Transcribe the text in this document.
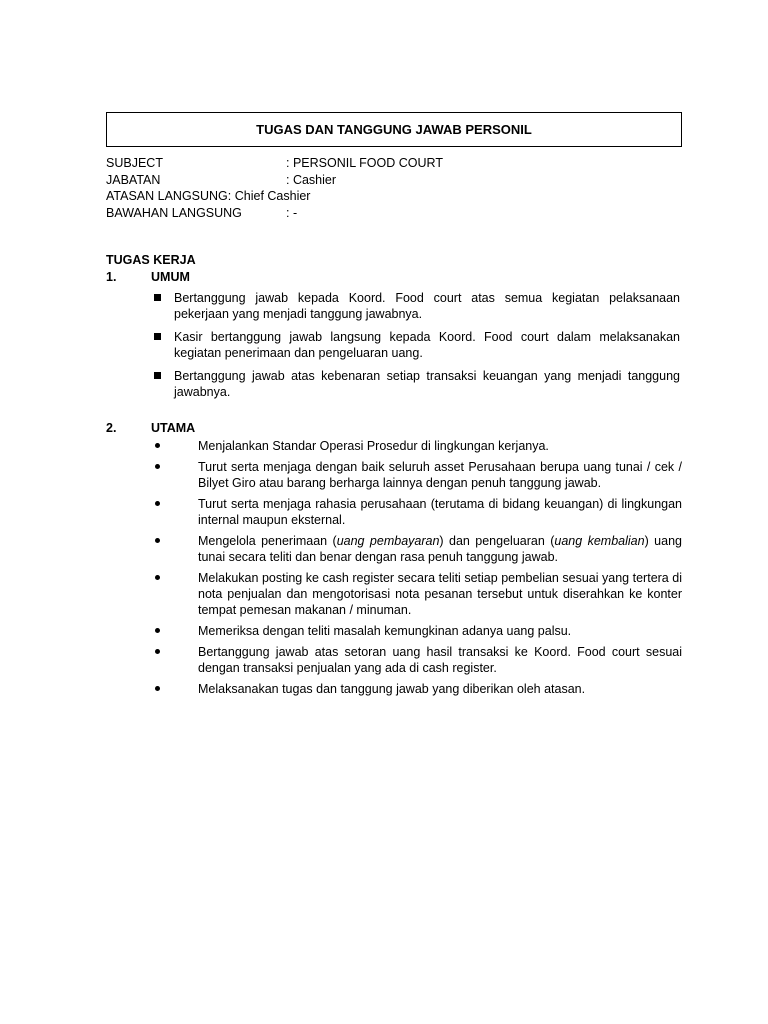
TUGAS DAN TANGGUNG JAWAB PERSONIL
SUBJECT	: PERSONIL FOOD COURT
JABATAN	: Cashier
ATASAN LANGSUNG: Chief Cashier
BAWAHAN LANGSUNG	: -
TUGAS KERJA
1.	UMUM
Bertanggung jawab kepada Koord. Food court atas semua kegiatan pelaksanaan pekerjaan yang menjadi tanggung jawabnya.
Kasir bertanggung jawab langsung kepada Koord. Food court dalam melaksanakan kegiatan penerimaan dan pengeluaran uang.
Bertanggung jawab atas kebenaran setiap transaksi keuangan yang menjadi tanggung jawabnya.
2.	UTAMA
Menjalankan Standar Operasi Prosedur di lingkungan kerjanya.
Turut serta menjaga dengan baik seluruh asset Perusahaan berupa uang tunai / cek / Bilyet Giro atau barang berharga lainnya dengan penuh tanggung jawab.
Turut serta menjaga rahasia perusahaan (terutama di bidang keuangan) di lingkungan internal maupun eksternal.
Mengelola penerimaan (uang pembayaran) dan pengeluaran (uang kembalian) uang tunai secara teliti dan benar dengan rasa penuh tanggung jawab.
Melakukan posting ke cash register secara teliti setiap pembelian sesuai yang tertera di nota penjualan dan mengotorisasi nota pesanan tersebut untuk diserahkan ke konter tempat pemesan makanan / minuman.
Memeriksa dengan teliti masalah kemungkinan adanya uang palsu.
Bertanggung jawab atas setoran uang hasil transaksi ke Koord. Food court sesuai dengan transaksi penjualan yang ada di cash register.
Melaksanakan tugas dan tanggung jawab yang diberikan oleh atasan.
